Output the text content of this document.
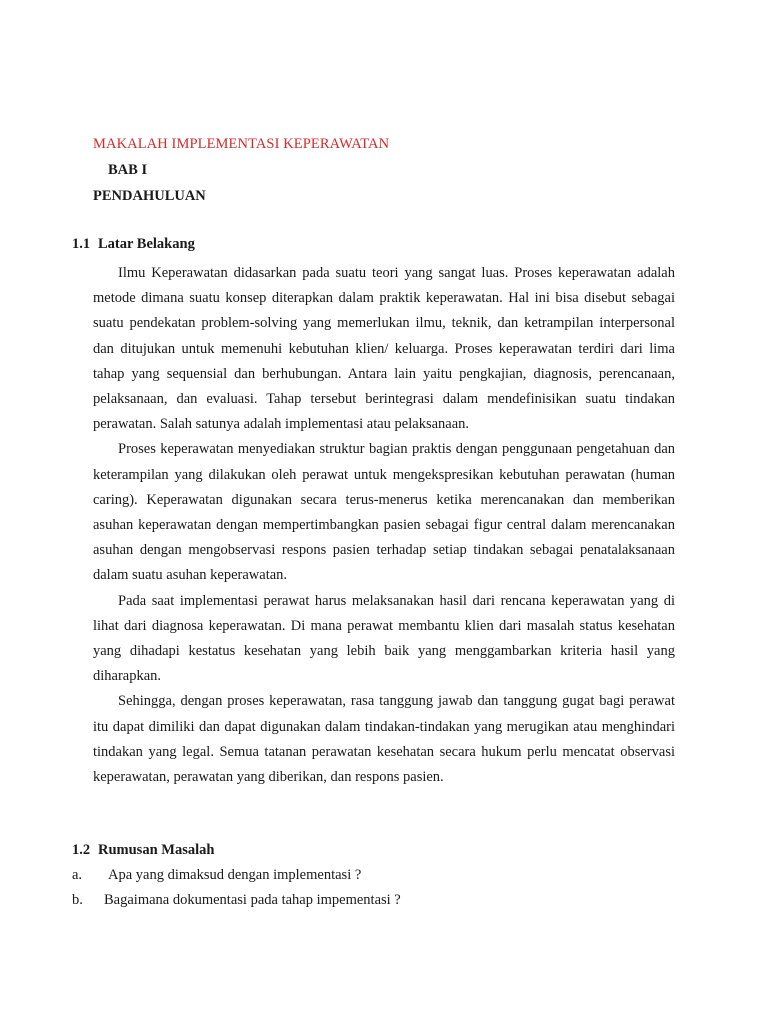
MAKALAH IMPLEMENTASI KEPERAWATAN
BAB I
PENDAHULUAN
1.1 Latar Belakang

Ilmu Keperawatan didasarkan pada suatu teori yang sangat luas. Proses keperawatan adalah metode dimana suatu konsep diterapkan dalam praktik keperawatan. Hal ini bisa disebut sebagai suatu pendekatan problem-solving yang memerlukan ilmu, teknik, dan ketrampilan interpersonal dan ditujukan untuk memenuhi kebutuhan klien/ keluarga. Proses keperawatan terdiri dari lima tahap yang sequensial dan berhubungan. Antara lain yaitu pengkajian, diagnosis, perencanaan, pelaksanaan, dan evaluasi. Tahap tersebut berintegrasi dalam mendefinisikan suatu tindakan perawatan. Salah satunya adalah implementasi atau pelaksanaan.

Proses keperawatan menyediakan struktur bagian praktis dengan penggunaan pengetahuan dan keterampilan yang dilakukan oleh perawat untuk mengekspresikan kebutuhan perawatan (human caring). Keperawatan digunakan secara terus-menerus ketika merencanakan dan memberikan asuhan keperawatan dengan mempertimbangkan pasien sebagai figur central dalam merencanakan asuhan dengan mengobservasi respons pasien terhadap setiap tindakan sebagai penatalaksanaan dalam suatu asuhan keperawatan.

Pada saat implementasi perawat harus melaksanakan hasil dari rencana keperawatan yang di lihat dari diagnosa keperawatan. Di mana perawat membantu klien dari masalah status kesehatan yang dihadapi kestatus kesehatan yang lebih baik yang menggambarkan kriteria hasil yang diharapkan.

Sehingga, dengan proses keperawatan, rasa tanggung jawab dan tanggung gugat bagi perawat itu dapat dimiliki dan dapat digunakan dalam tindakan-tindakan yang merugikan atau menghindari tindakan yang legal. Semua tatanan perawatan kesehatan secara hukum perlu mencatat observasi keperawatan, perawatan yang diberikan, dan respons pasien.

1.2 Rumusan Masalah
a. Apa yang dimaksud dengan implementasi ?
b. Bagaimana dokumentasi pada tahap impementasi ?
